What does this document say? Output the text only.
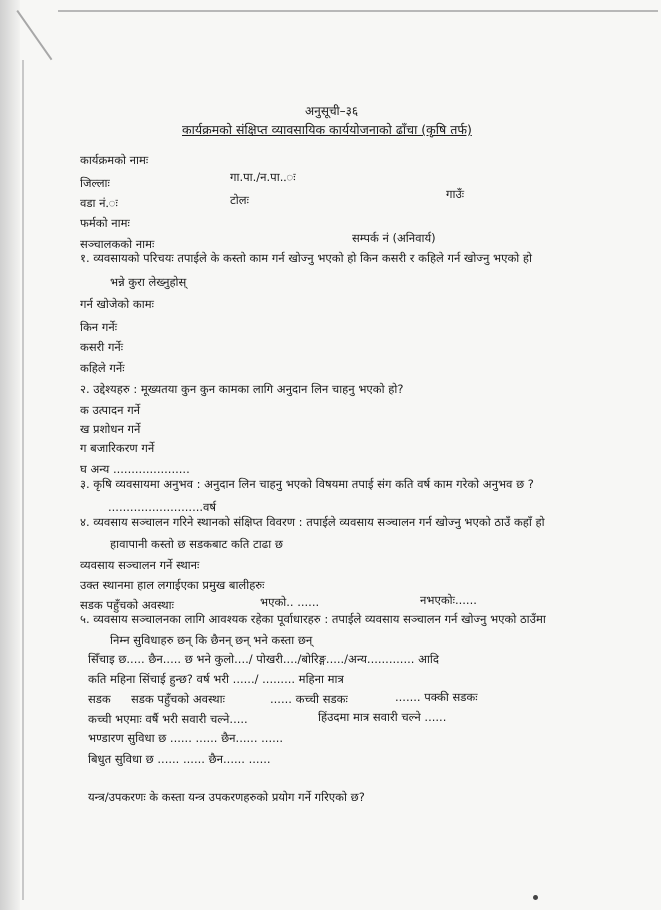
अनुसूची–३६
कार्यक्रमको संक्षिप्त व्यावसायिक कार्ययोजनाको ढाँचा (कृषि तर्फ)
कार्यक्रमको नामः
जिल्लाः	गा.पा./न.पा..ः
वडा नं.ः	टोलः	गाउँः
फर्मको नामः
सञ्चालकको नामः	सम्पर्क नं (अनिवार्य)
१. व्यवसायको परिचयः तपाईले के कस्तो काम गर्न खोज्नु भएको हो किन कसरी र कहिले गर्न खोज्नु भएको हो
भन्ने कुरा लेख्नुहोस्
गर्न खोजेको कामः
किन गर्नेः
कसरी गर्नेः
कहिले गर्नेः
२. उद्देश्यहरु : मूख्यतया कुन कुन कामका लागि अनुदान लिन चाहनु भएको हो?
क उत्पादन गर्ने
ख प्रशोधन गर्ने
ग बजारिकरण गर्ने
घ अन्य .....................
३. कृषि व्यवसायमा अनुभव : अनुदान लिन चाहनु भएको विषयमा तपाई संग कति वर्ष काम गरेको अनुभव छ ?
..........................वर्ष
४. व्यवसाय सञ्चालन गरिने स्थानको संक्षिप्त विवरण : तपाईले व्यवसाय सञ्चालन गर्न खोज्नु भएको ठाउँ कहाँ हो
हावापानी कस्तो छ सडकबाट कति टाढा छ
व्यवसाय सञ्चालन गर्ने स्थानः
उक्त स्थानमा हाल लगाईएका प्रमुख बालीहरुः
सडक पहुँचको अवस्थाः	भएको.. ......	नभएकोः......
५. व्यवसाय सञ्चालनका लागि आवश्यक रहेका पूर्वाधारहरु : तपाईले व्यवसाय सञ्चालन गर्न खोज्नु भएको ठाउँमा
निम्न सुविधाहरु छन् कि छैनन् छन् भने कस्ता छन्
सिँचाइ छ..... छैन..... छ भने कुलो..../ पोखरी..../बोरिङ्ग...../अन्य............. आदि
कति महिना सिंचाई हुन्छ? वर्ष भरी ....../ ......... महिना मात्र
सडक सडक पहुँचको अवस्थाः	...... कच्ची सडकः	....... पक्की सडकः
कच्ची भएमाः वर्षै भरी सवारी चल्ने.....	हिंउदमा मात्र सवारी चल्ने ......
भण्डारण सुविधा छ ...... ...... छैन...... ......
बिधुत सुविधा छ ...... ...... छैन...... ......
यन्त्र/उपकरणः के कस्ता यन्त्र उपकरणहरुको प्रयोग गर्ने गरिएको छ?
